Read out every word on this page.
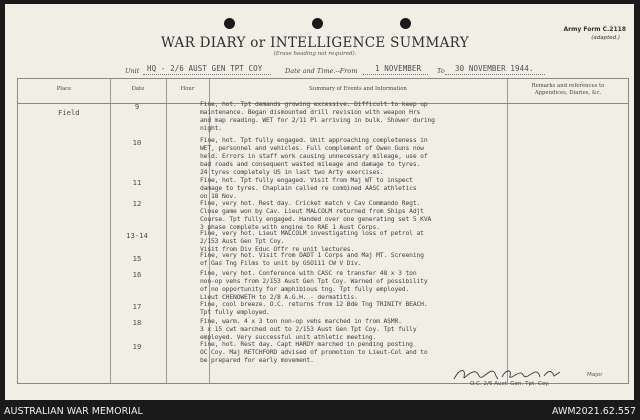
WAR DIARY or INTELLIGENCE SUMMARY
(Erase heading not required).
Army Form C.2118
(adapted.)
Unit HQ - 2/6 AUST GEN TPT COY	Date and Time.--From 1 NOVEMBER To 30 NOVEMBER 1944.
Place	Date	Hour	Summary of Events and Information	Remarks and references to
Appendices, Diaries, &c.
Field
9	Fine, hot. Tpt demands growing excessive. Difficult to keep up
maintenance. Began dismounted drill revision with weapon Hrs
and map reading. WET for 2/11 Pl arriving in bulk. Shower during
night.
10	Fine, hot. Tpt fully engaged. Unit approaching completeness in
WET, personnel and vehicles. Full complement of Owen Guns now
held. Errors in staff work causing unnecessary mileage, use of
bad roads and consequent wasted mileage and damage to tyres.
24 tyres completely US in last two Arty exercises.
11	Fine, hot. Tpt fully engaged. Visit from Maj WT to inspect
damage to tyres. Chaplain called re combined AASC athletics
on 18 Nov.
12	Fine, very hot. Rest day. Cricket match v Cav Commando Regt.
Close game won by Cav. Lieut MALCOLM returned from Ships Adjt
Course. Tpt fully engaged. Handed over one generating set 5 KVA
3 phase complete with engine to RAE 1 Aust Corps.
13-14	Fine, very hot. Lieut MALCOLM investigating loss of petrol at
2/153 Aust Gen Tpt Coy.
Visit from Div Educ Offr re unit lectures.
15	Fine, very hot. Visit from DADT 1 Corps and Maj MT. Screening
of Gas Tng Films to unit by GSO111 CW V Div.
16	Fine, very hot. Conference with CASC re transfer 48 x 3 ton
non-op vehs from 2/153 Aust Gen Tpt Coy. Warned of possibility
of no opportunity for amphibious tng. Tpt fully employed.
Lieut CHENOWETH to 2/8 A.G.H. - dermatitis.
17	Fine, cool breeze. O.C. returns from 12 Bde Tng TRINITY BEACH.
Tpt fully employed.
18	Fine, warm. 4 x 3 ton non-op vehs marched in from ASMR.
3 x 15 cwt marched out to 2/153 Aust Gen Tpt Coy. Tpt fully
employed. Very successful unit athletic meeting.
19	Fine, hot. Rest day. Capt HARDY marched in pending posting
OC Coy. Maj RETCHFORD advised of promotion to Lieut-Col and to
be prepared for early movement.
O.C. 2/6 Aust. Gen. Tpt. Coy.
Major
AUSTRALIAN WAR MEMORIAL	AWM2021.62.557
